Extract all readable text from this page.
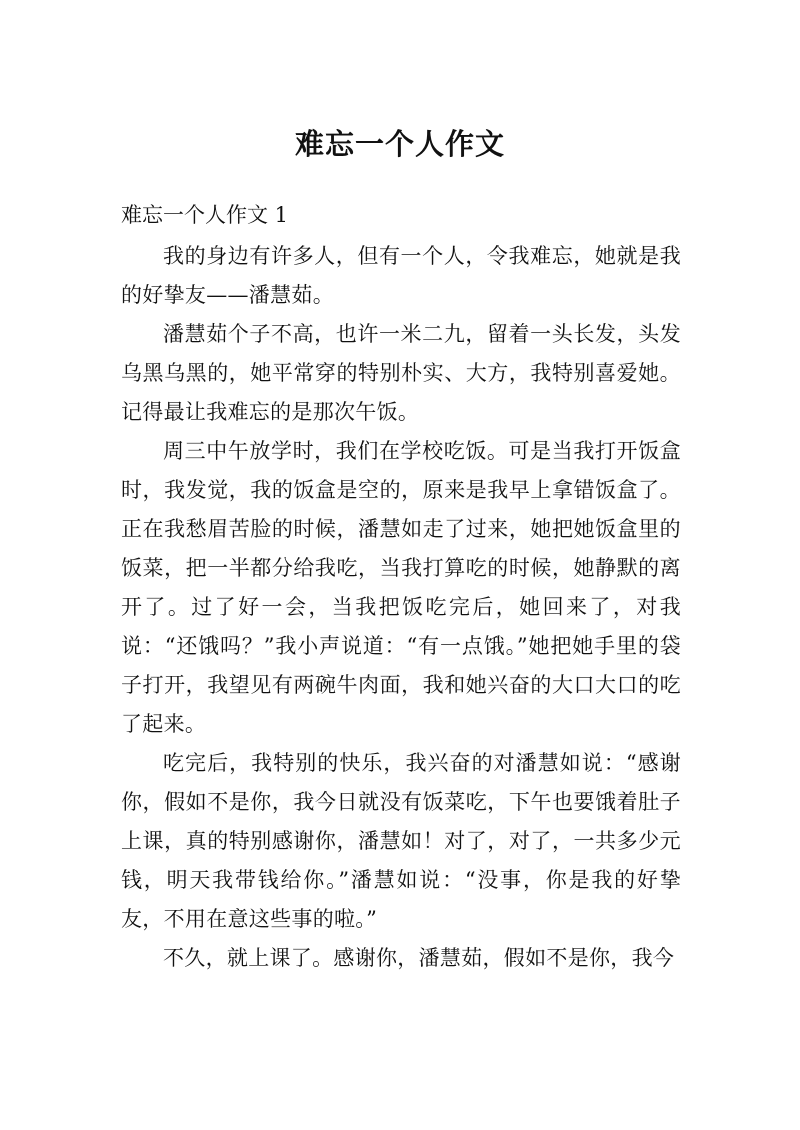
难忘一个人作文
难忘一个人作文 1

我的身边有许多人，但有一个人，令我难忘，她就是我的好挚友——潘慧茹。

潘慧茹个子不高，也许一米二九，留着一头长发，头发乌黑乌黑的，她平常穿的特别朴实、大方，我特别喜爱她。记得最让我难忘的是那次午饭。

周三中午放学时，我们在学校吃饭。可是当我打开饭盒时，我发觉，我的饭盒是空的，原来是我早上拿错饭盒了。正在我愁眉苦脸的时候，潘慧如走了过来，她把她饭盒里的饭菜，把一半都分给我吃，当我打算吃的时候，她静默的离开了。过了好一会，当我把饭吃完后，她回来了，对我说：“还饿吗？”我小声说道：“有一点饿。”她把她手里的袋子打开，我望见有两碗牛肉面，我和她兴奋的大口大口的吃了起来。

吃完后，我特别的快乐，我兴奋的对潘慧如说：“感谢你，假如不是你，我今日就没有饭菜吃，下午也要饿着肚子上课，真的特别感谢你，潘慧如！对了，对了，一共多少元钱，明天我带钱给你。”潘慧如说：“没事，你是我的好挚友，不用在意这些事的啦。”

不久，就上课了。感谢你，潘慧茹，假如不是你，我今
